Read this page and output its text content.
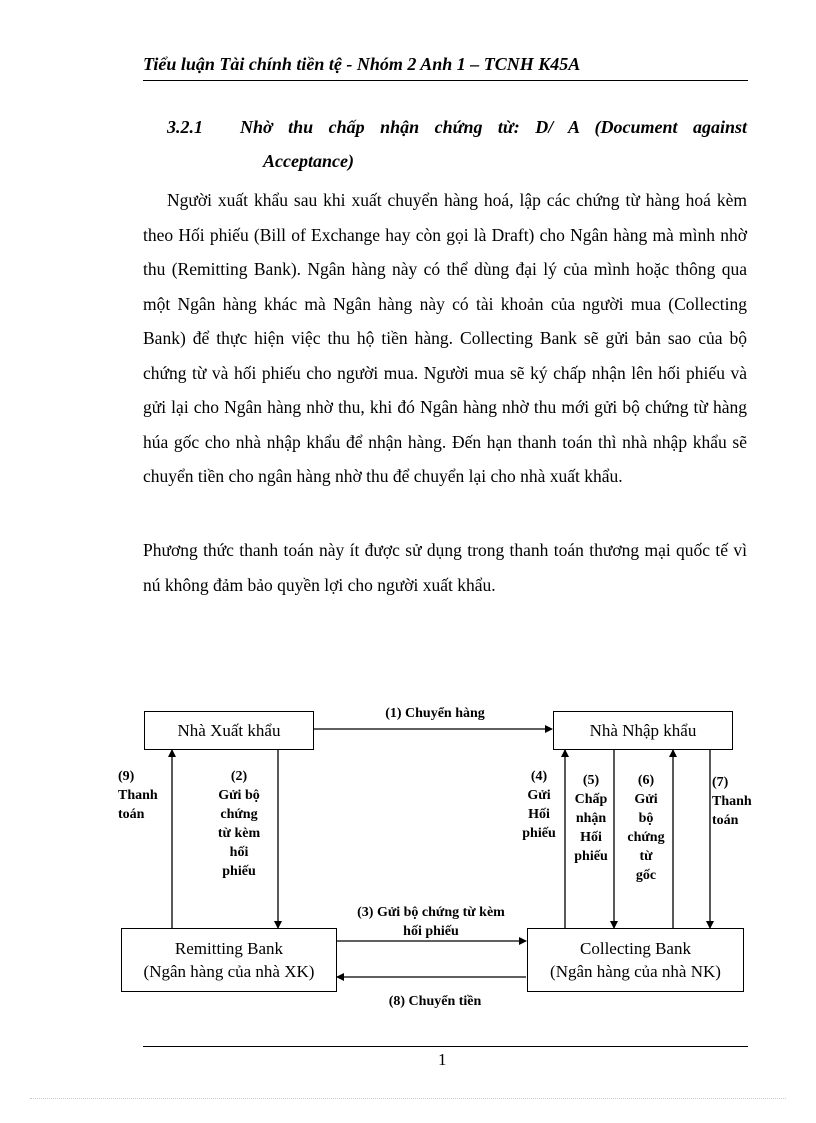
Tiểu luận Tài chính tiền tệ - Nhóm 2 Anh 1 – TCNH K45A
3.2.1 Nhờ thu chấp nhận chứng từ: D/ A (Document against
Acceptance)

Người xuất khẩu sau khi xuất chuyển hàng hoá, lập các chứng từ hàng hoá kèm theo Hối phiếu (Bill of Exchange hay còn gọi là Draft) cho Ngân hàng mà mình nhờ thu (Remitting Bank). Ngân hàng này có thể dùng đại lý của mình hoặc thông qua một Ngân hàng khác mà Ngân hàng này có tài khoản của người mua (Collecting Bank) để thực hiện việc thu hộ tiền hàng. Collecting Bank sẽ gửi bản sao của bộ chứng từ và hối phiếu cho người mua. Người mua sẽ ký chấp nhận lên hối phiếu và gửi lại cho Ngân hàng nhờ thu, khi đó Ngân hàng nhờ thu mới gửi bộ chứng từ hàng húa gốc cho nhà nhập khẩu để nhận hàng. Đến hạn thanh toán thì nhà nhập khẩu sẽ chuyển tiền cho ngân hàng nhờ thu để chuyển lại cho nhà xuất khẩu.

Phương thức thanh toán này ít được sử dụng trong thanh toán thương mại quốc tế vì nú không đảm bảo quyền lợi cho người xuất khẩu.

Nhà Xuất khẩu	Nhà Nhập khẩu
Remitting Bank
(Ngân hàng của nhà XK)
Collecting Bank
(Ngân hàng của nhà NK)
(1) Chuyển hàng
(9)
Thanh
toán
(2)
Gửi bộ
chứng
từ kèm
hối
phiếu
(3) Gửi bộ chứng từ kèm
hối phiếu
(8) Chuyển tiền
(4)
Gửi
Hối
phiếu
(5)
Chấp
nhận
Hối
phiếu
(6)
Gửi
bộ
chứng
từ
gốc
(7)
Thanh
toán
1
